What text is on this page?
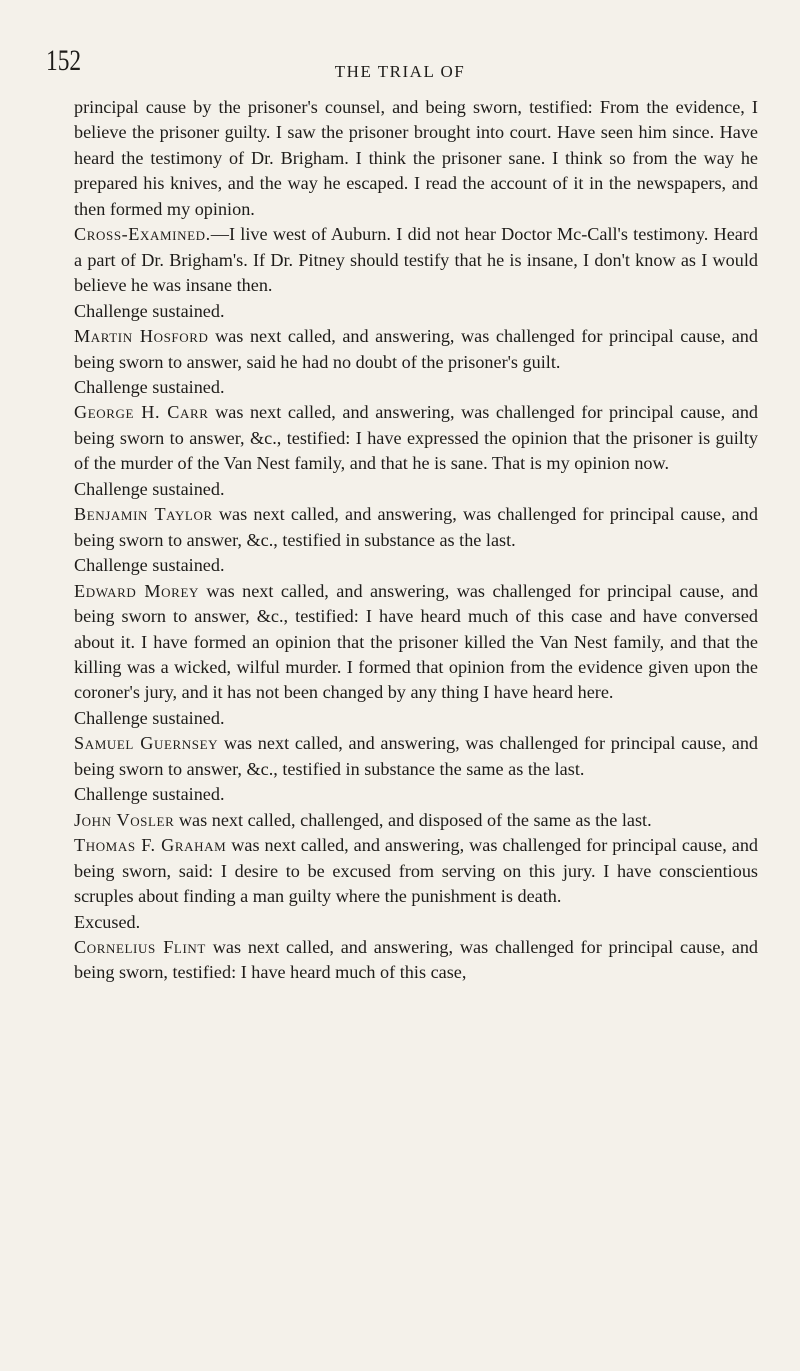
152	THE TRIAL OF

principal cause by the prisoner's counsel, and being sworn, testified: From the evidence, I believe the prisoner guilty. I saw the prisoner brought into court. Have seen him since. Have heard the testimony of Dr. Brigham. I think the prisoner sane. I think so from the way he prepared his knives, and the way he escaped. I read the account of it in the newspapers, and then formed my opinion.

Cross-Examined.—I live west of Auburn. I did not hear Doctor Mc-Call's testimony. Heard a part of Dr. Brigham's. If Dr. Pitney should testify that he is insane, I don't know as I would believe he was insane then.

Challenge sustained.

Martin Hosford was next called, and answering, was challenged for principal cause, and being sworn to answer, said he had no doubt of the prisoner's guilt.

Challenge sustained.

George H. Carr was next called, and answering, was challenged for principal cause, and being sworn to answer, &c., testified: I have expressed the opinion that the prisoner is guilty of the murder of the Van Nest family, and that he is sane. That is my opinion now.

Challenge sustained.

Benjamin Taylor was next called, and answering, was challenged for principal cause, and being sworn to answer, &c., testified in substance as the last.

Challenge sustained.

Edward Morey was next called, and answering, was challenged for principal cause, and being sworn to answer, &c., testified: I have heard much of this case and have conversed about it. I have formed an opinion that the prisoner killed the Van Nest family, and that the killing was a wicked, wilful murder. I formed that opinion from the evidence given upon the coroner's jury, and it has not been changed by any thing I have heard here.

Challenge sustained.

Samuel Guernsey was next called, and answering, was challenged for principal cause, and being sworn to answer, &c., testified in substance the same as the last.

Challenge sustained.

John Vosler was next called, challenged, and disposed of the same as the last.

Thomas F. Graham was next called, and answering, was challenged for principal cause, and being sworn, said: I desire to be excused from serving on this jury. I have conscientious scruples about finding a man guilty where the punishment is death.

Excused.

Cornelius Flint was next called, and answering, was challenged for principal cause, and being sworn, testified: I have heard much of this case,
